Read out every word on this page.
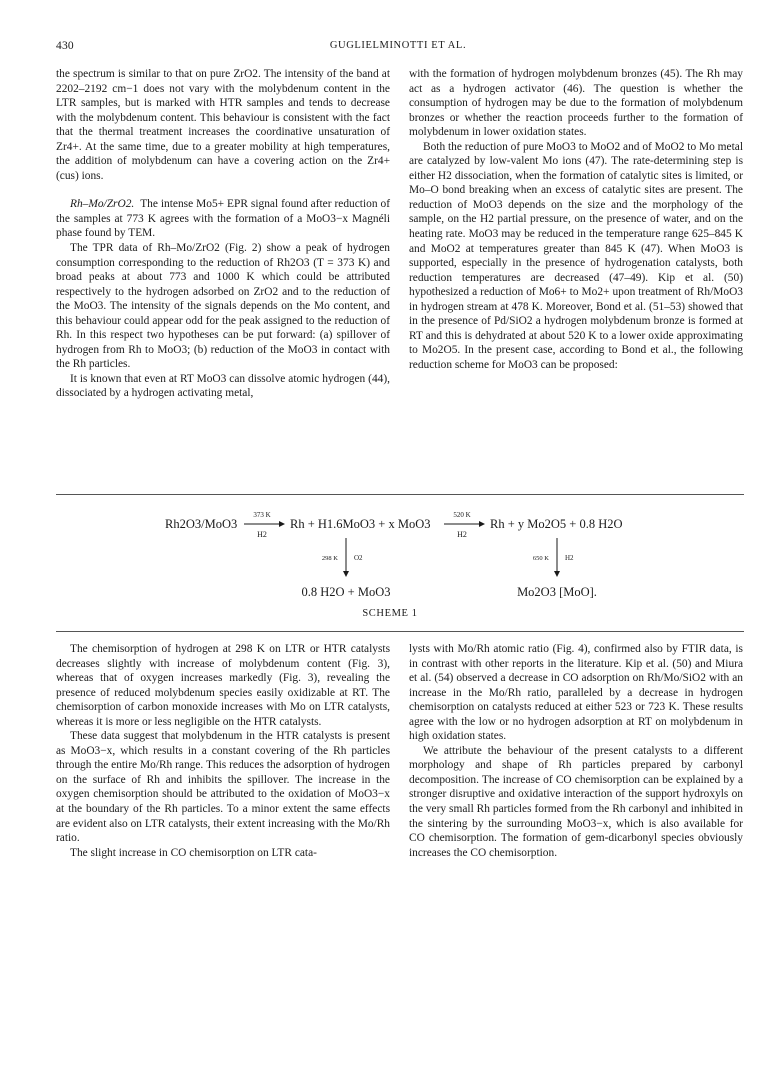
430	GUGLIELMINOTTI ET AL.

the spectrum is similar to that on pure ZrO2. The intensity of the band at 2202–2192 cm−1 does not vary with the molybdenum content in the LTR samples, but is marked with HTR samples and tends to decrease with the molybdenum content. This behaviour is consistent with the fact that the thermal treatment increases the coordinative unsaturation of Zr4+. At the same time, due to a greater mobility at high temperatures, the addition of molybdenum can have a covering action on the Zr4+ (cus) ions.

Rh–Mo/ZrO2. The intense Mo5+ EPR signal found after reduction of the samples at 773 K agrees with the formation of a MoO3−x Magnéli phase found by TEM.

The TPR data of Rh–Mo/ZrO2 (Fig. 2) show a peak of hydrogen consumption corresponding to the reduction of Rh2O3 (T = 373 K) and broad peaks at about 773 and 1000 K which could be attributed respectively to the hydrogen adsorbed on ZrO2 and to the reduction of the MoO3. The intensity of the signals depends on the Mo content, and this behaviour could appear odd for the peak assigned to the reduction of Rh. In this respect two hypotheses can be put forward: (a) spillover of hydrogen from Rh to MoO3; (b) reduction of the MoO3 in contact with the Rh particles.

It is known that even at RT MoO3 can dissolve atomic hydrogen (44), dissociated by a hydrogen activating metal,

with the formation of hydrogen molybdenum bronzes (45). The Rh may act as a hydrogen activator (46). The question is whether the consumption of hydrogen may be due to the formation of molybdenum bronzes or whether the reaction proceeds further to the formation of molybdenum in lower oxidation states.

Both the reduction of pure MoO3 to MoO2 and of MoO2 to Mo metal are catalyzed by low-valent Mo ions (47). The rate-determining step is either H2 dissociation, when the formation of catalytic sites is limited, or Mo–O bond breaking when an excess of catalytic sites are present. The reduction of MoO3 depends on the size and the morphology of the sample, on the H2 partial pressure, on the presence of water, and on the heating rate. MoO3 may be reduced in the temperature range 625–845 K and MoO2 at temperatures greater than 845 K (47). When MoO3 is supported, especially in the presence of hydrogenation catalysts, both reduction temperatures are decreased (47–49). Kip et al. (50) hypothesized a reduction of Mo6+ to Mo2+ upon treatment of Rh/MoO3 in hydrogen stream at 478 K. Moreover, Bond et al. (51–53) showed that in the presence of Pd/SiO2 a hydrogen molybdenum bronze is formed at RT and this is dehydrated at about 520 K to a lower oxide approximating to Mo2O5. In the present case, according to Bond et al., the following reduction scheme for MoO3 can be proposed:

Rh2O3/MoO3
373 K
H2
Rh + H1.6MoO3 + x MoO3
520 K
H2
Rh + y Mo2O5 + 0.8 H2O
298 K O2
0.8 H2O + MoO3
650 K H2
Mo2O3 [MoO].
SCHEME 1

The chemisorption of hydrogen at 298 K on LTR or HTR catalysts decreases slightly with increase of molybdenum content (Fig. 3), whereas that of oxygen increases markedly (Fig. 3), revealing the presence of reduced molybdenum species easily oxidizable at RT. The chemisorption of carbon monoxide increases with Mo on LTR catalysts, whereas it is more or less negligible on the HTR catalysts.

These data suggest that molybdenum in the HTR catalysts is present as MoO3−x, which results in a constant covering of the Rh particles through the entire Mo/Rh range. This reduces the adsorption of hydrogen on the surface of Rh and inhibits the spillover. The increase in the oxygen chemisorption should be attributed to the oxidation of MoO3−x at the boundary of the Rh particles. To a minor extent the same effects are evident also on LTR catalysts, their extent increasing with the Mo/Rh ratio.

The slight increase in CO chemisorption on LTR cata-

lysts with Mo/Rh atomic ratio (Fig. 4), confirmed also by FTIR data, is in contrast with other reports in the literature. Kip et al. (50) and Miura et al. (54) observed a decrease in CO adsorption on Rh/Mo/SiO2 with an increase in the Mo/Rh ratio, paralleled by a decrease in hydrogen chemisorption on catalysts reduced at either 523 or 723 K. These results agree with the low or no hydrogen adsorption at RT on molybdenum in high oxidation states.

We attribute the behaviour of the present catalysts to a different morphology and shape of Rh particles prepared by carbonyl decomposition. The increase of CO chemisorption can be explained by a stronger disruptive and oxidative interaction of the support hydroxyls on the very small Rh particles formed from the Rh carbonyl and inhibited in the sintering by the surrounding MoO3−x, which is also available for CO chemisorption. The formation of gem-dicarbonyl species obviously increases the CO chemisorption.
